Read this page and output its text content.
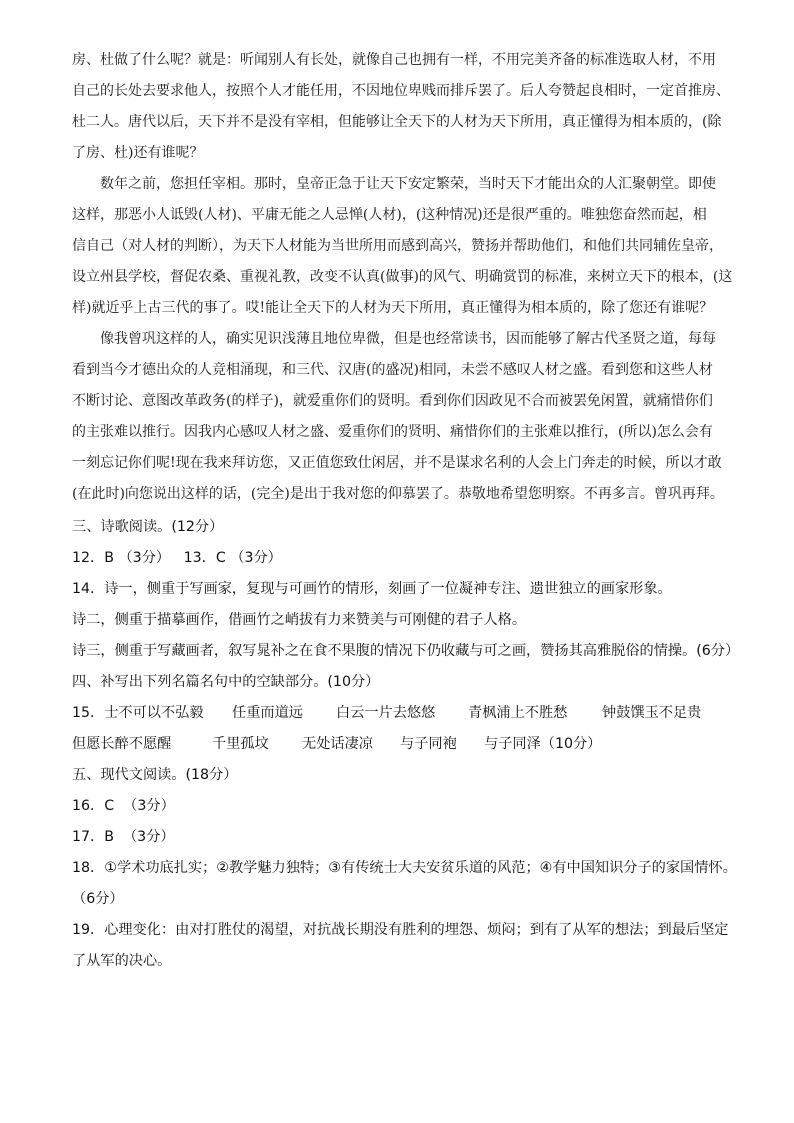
房、杜做了什么呢？就是：听闻别人有长处，就像自己也拥有一样，不用完美齐备的标准选取人材，不用
自己的长处去要求他人，按照个人才能任用，不因地位卑贱而排斥罢了。后人夸赞起良相时，一定首推房、
杜二人。唐代以后，天下并不是没有宰相，但能够让全天下的人材为天下所用，真正懂得为相本质的，(除
了房、杜)还有谁呢？
数年之前，您担任宰相。那时，皇帝正急于让天下安定繁荣，当时天下才能出众的人汇聚朝堂。即使
这样，那恶小人诋毁(人材)、平庸无能之人忌惮(人材)，(这种情况)还是很严重的。唯独您奋然而起，相
信自己（对人材的判断），为天下人材能为当世所用而感到高兴，赞扬并帮助他们，和他们共同辅佐皇帝，
设立州县学校，督促农桑、重视礼教，改变不认真(做事)的风气、明确赏罚的标准，来树立天下的根本，(这
样)就近乎上古三代的事了。哎!能让全天下的人材为天下所用，真正懂得为相本质的，除了您还有谁呢？
像我曾巩这样的人，确实见识浅薄且地位卑微，但是也经常读书，因而能够了解古代圣贤之道，每每
看到当今才德出众的人竞相涌现，和三代、汉唐(的盛况)相同，未尝不感叹人材之盛。看到您和这些人材
不断讨论、意图改革政务(的样子)，就爱重你们的贤明。看到你们因政见不合而被罢免闲置，就痛惜你们
的主张难以推行。因我内心感叹人材之盛、爱重你们的贤明、痛惜你们的主张难以推行，(所以)怎么会有
一刻忘记你们呢!现在我来拜访您，又正值您致仕闲居，并不是谋求名利的人会上门奔走的时候，所以才敢
(在此时)向您说出这样的话，(完全)是出于我对您的仰慕罢了。恭敬地希望您明察。不再多言。曾巩再拜。
三、诗歌阅读。(12分）
12．B （3分）   13．C （3分）
14．诗一，侧重于写画家，复现与可画竹的情形，刻画了一位凝神专注、遗世独立的画家形象。
诗二，侧重于描摹画作，借画竹之峭拔有力来赞美与可刚健的君子人格。
诗三，侧重于写藏画者，叙写晁补之在食不果腹的情况下仍收藏与可之画，赞扬其高雅脱俗的情操。(6分）
四、补写出下列名篇名句中的空缺部分。(10分）
15．士不可以不弘毅 任重而道远 白云一片去悠悠 青枫浦上不胜愁 钟鼓馔玉不足贵
但愿长醉不愿醒	千里孤坟 无处话凄凉 与子同袍 与子同泽（10分）
五、现代文阅读。(18分）
16．C  （3分）
17．B  （3分）
18．①学术功底扎实；②教学魅力独特；③有传统士大夫安贫乐道的风范；④有中国知识分子的家国情怀。
（6分）
19．心理变化：由对打胜仗的渴望，对抗战长期没有胜利的埋怨、烦闷；到有了从军的想法；到最后坚定
了从军的决心。
